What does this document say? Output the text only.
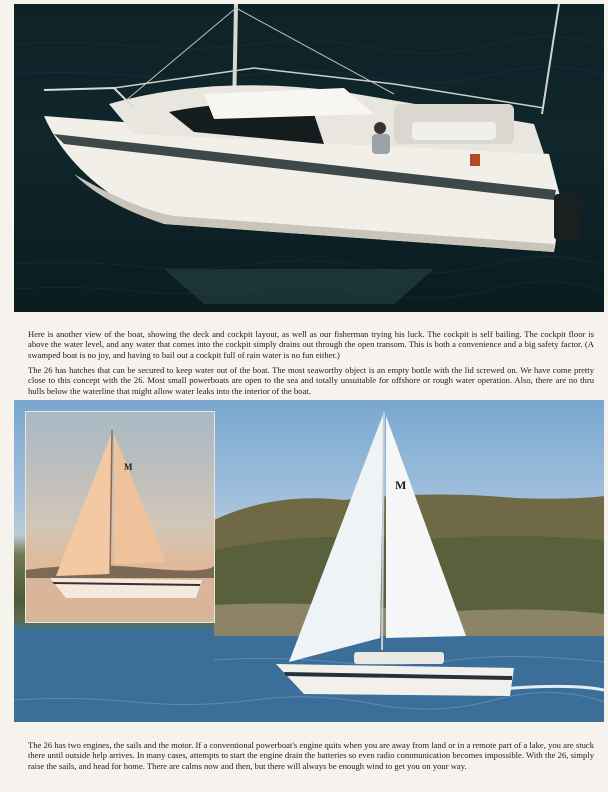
Here is another view of the boat, showing the deck and cockpit layout, as well as our fisherman trying his luck. The cockpit is self bailing. The cockpit floor is above the water level, and any water that comes into the cockpit simply drains out through the open transom. This is both a convenience and a big safety factor. (A swamped boat is no joy, and having to bail out a cockpit full of rain water is no fun either.)

The 26 has hatches that can be secured to keep water out of the boat. The most seaworthy object is an empty bottle with the lid screwed on. We have come pretty close to this concept with the 26. Most small powerboats are open to the sea and totally unsuitable for offshore or rough water operation. Also, there are no thru hulls below the waterline that might allow water leaks into the interior of the boat.

M
M

The 26 has two engines, the sails and the motor. If a conventional powerboat's engine quits when you are away from land or in a remote part of a lake, you are stuck there until outside help arrives. In many cases, attempts to start the engine drain the batteries so even radio communication becomes impossible. With the 26, simply raise the sails, and head for home. There are calms now and then, but there will always be enough wind to get you on your way.
